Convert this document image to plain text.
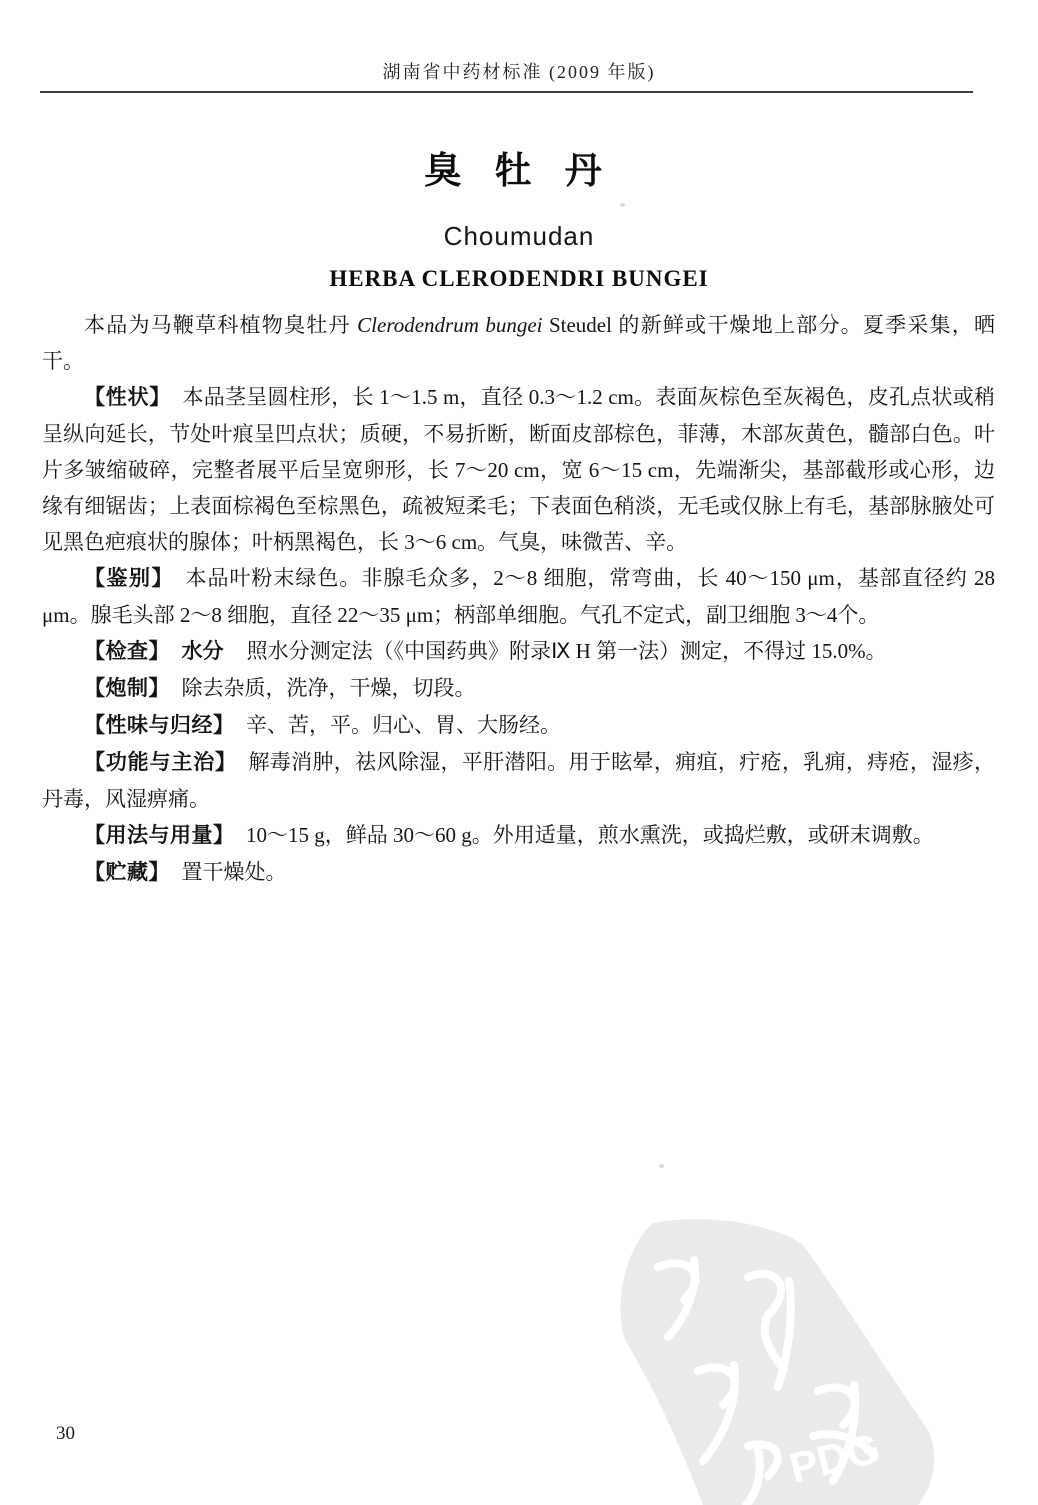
湖南省中药材标准 (2009 年版)
臭 牡 丹
Choumudan
HERBA CLERODENDRI BUNGEI

本品为马鞭草科植物臭牡丹 Clerodendrum bungei Steudel 的新鲜或干燥地上部分。夏季采集，晒干。

【性状】 本品茎呈圆柱形，长 1～1.5 m，直径 0.3～1.2 cm。表面灰棕色至灰褐色，皮孔点状或稍呈纵向延长，节处叶痕呈凹点状；质硬，不易折断，断面皮部棕色，菲薄，木部灰黄色，髓部白色。叶片多皱缩破碎，完整者展平后呈宽卵形，长 7～20 cm，宽 6～15 cm，先端渐尖，基部截形或心形，边缘有细锯齿；上表面棕褐色至棕黑色，疏被短柔毛；下表面色稍淡，无毛或仅脉上有毛，基部脉腋处可见黑色疤痕状的腺体；叶柄黑褐色，长 3～6 cm。气臭，味微苦、辛。

【鉴别】 本品叶粉末绿色。非腺毛众多，2～8 细胞，常弯曲，长 40～150 μm，基部直径约 28 μm。腺毛头部 2～8 细胞，直径 22～35 μm；柄部单细胞。气孔不定式，副卫细胞 3～4个。

【检查】 水分 照水分测定法（《中国药典》附录Ⅸ H 第一法）测定，不得过 15.0%。

【炮制】 除去杂质，洗净，干燥，切段。

【性味与归经】 辛、苦，平。归心、胃、大肠经。

【功能与主治】 解毒消肿，祛风除湿，平肝潜阳。用于眩晕，痈疽，疔疮，乳痈，痔疮，湿疹，丹毒，风湿痹痛。

【用法与用量】 10～15 g，鲜品 30～60 g。外用适量，煎水熏洗，或捣烂敷，或研末调敷。

【贮藏】 置干燥处。

30	PDG
